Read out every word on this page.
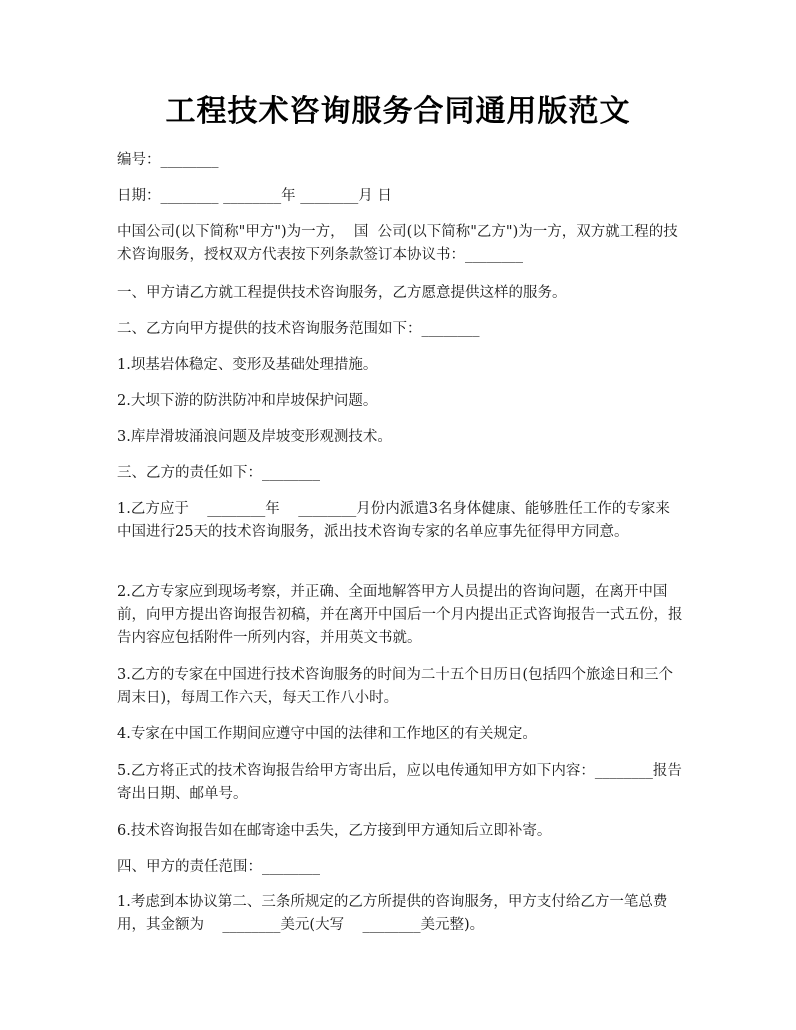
工程技术咨询服务合同通用版范文
编号：________
日期：________ ________年 ________月 日
中国公司(以下简称"甲方")为一方，  国  公司(以下简称"乙方")为一方，双方就工程的技术咨询服务，授权双方代表按下列条款签订本协议书：________
一、甲方请乙方就工程提供技术咨询服务，乙方愿意提供这样的服务。
二、乙方向甲方提供的技术咨询服务范围如下：________
1.坝基岩体稳定、变形及基础处理措施。
2.大坝下游的防洪防冲和岸坡保护问题。
3.库岸滑坡涌浪问题及岸坡变形观测技术。
三、乙方的责任如下：________
1.乙方应于    ________年    ________月份内派遣3名身体健康、能够胜任工作的专家来中国进行25天的技术咨询服务，派出技术咨询专家的名单应事先征得甲方同意。
2.乙方专家应到现场考察，并正确、全面地解答甲方人员提出的咨询问题，在离开中国前，向甲方提出咨询报告初稿，并在离开中国后一个月内提出正式咨询报告一式五份，报告内容应包括附件一所列内容，并用英文书就。
3.乙方的专家在中国进行技术咨询服务的时间为二十五个日历日(包括四个旅途日和三个周末日)，每周工作六天，每天工作八小时。
4.专家在中国工作期间应遵守中国的法律和工作地区的有关规定。
5.乙方将正式的技术咨询报告给甲方寄出后，应以电传通知甲方如下内容：________报告寄出日期、邮单号。
6.技术咨询报告如在邮寄途中丢失，乙方接到甲方通知后立即补寄。
四、甲方的责任范围：________
1.考虑到本协议第二、三条所规定的乙方所提供的咨询服务，甲方支付给乙方一笔总费用，其金额为    ________美元(大写    ________美元整)。
